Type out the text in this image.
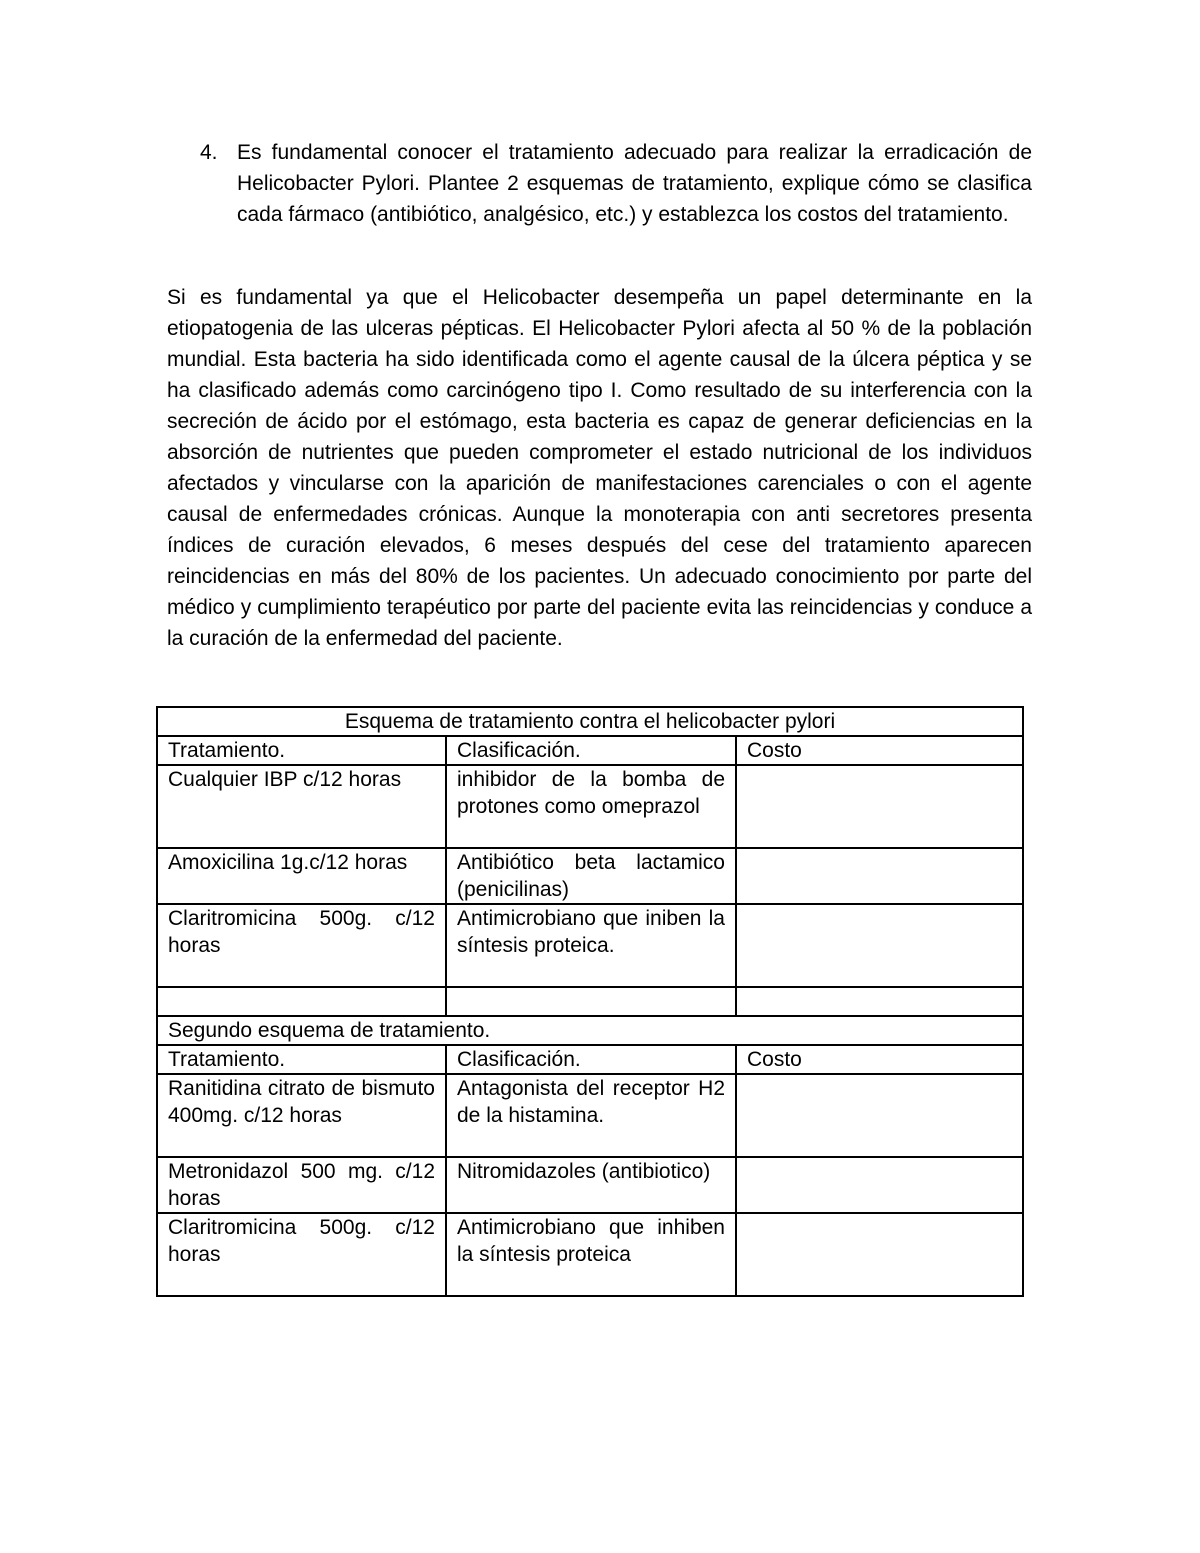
4. Es fundamental conocer el tratamiento adecuado para realizar la erradicación de Helicobacter Pylori. Plantee 2 esquemas de tratamiento, explique cómo se clasifica cada fármaco (antibiótico, analgésico, etc.) y establezca los costos del tratamiento.

Si es fundamental ya que el Helicobacter desempeña un papel determinante en la etiopatogenia de las ulceras pépticas. El Helicobacter Pylori afecta al 50 % de la población mundial. Esta bacteria ha sido identificada como el agente causal de la úlcera péptica y se ha clasificado además como carcinógeno tipo I. Como resultado de su interferencia con la secreción de ácido por el estómago, esta bacteria es capaz de generar deficiencias en la absorción de nutrientes que pueden comprometer el estado nutricional de los individuos afectados y vincularse con la aparición de manifestaciones carenciales o con el agente causal de enfermedades crónicas. Aunque la monoterapia con anti secretores presenta índices de curación elevados, 6 meses después del cese del tratamiento aparecen reincidencias en más del 80% de los pacientes. Un adecuado conocimiento por parte del médico y cumplimiento terapéutico por parte del paciente evita las reincidencias y conduce a la curación de la enfermedad del paciente.

Esquema de tratamiento contra el helicobacter pylori		
Tratamiento.	Clasificación.	Costo
Cualquier IBP c/12 horas	inhibidor de la bomba de protones como omeprazol	
Amoxicilina 1g.c/12 horas	Antibiótico beta lactamico (penicilinas)	
Claritromicina 500g. c/12 horas	Antimicrobiano que iniben la síntesis proteica.	

Segundo esquema de tratamiento.		
Tratamiento.	Clasificación.	Costo
Ranitidina citrato de bismuto 400mg. c/12 horas	Antagonista del receptor H2 de la histamina.	
Metronidazol 500 mg. c/12 horas	Nitromidazoles (antibiotico)	
Claritromicina 500g. c/12 horas	Antimicrobiano que inhiben la síntesis proteica	
